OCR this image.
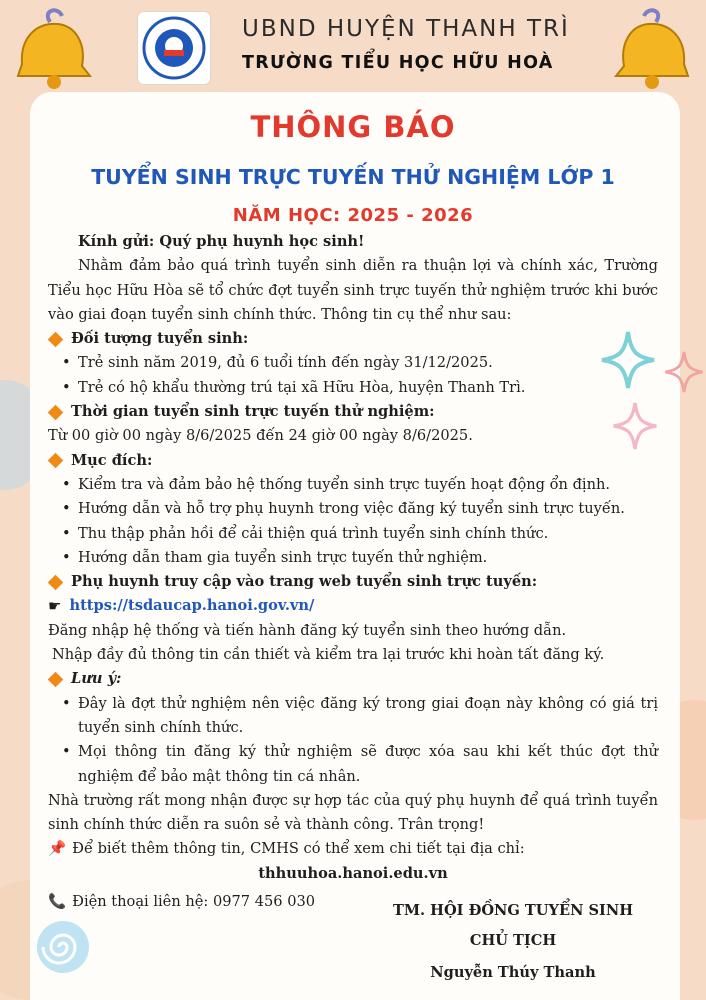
UBND HUYỆN THANH TRÌ
TRƯỜNG TIỂU HỌC HỮU HOÀ
THÔNG BÁO
TUYỂN SINH TRỰC TUYẾN THỬ NGHIỆM LỚP 1
NĂM HỌC: 2025 - 2026

Kính gửi: Quý phụ huynh học sinh!

Nhằm đảm bảo quá trình tuyển sinh diễn ra thuận lợi và chính xác, Trường Tiểu học Hữu Hòa sẽ tổ chức đợt tuyển sinh trực tuyến thử nghiệm trước khi bước vào giai đoạn tuyển sinh chính thức. Thông tin cụ thể như sau:

Đối tượng tuyển sinh:
• Trẻ sinh năm 2019, đủ 6 tuổi tính đến ngày 31/12/2025.
• Trẻ có hộ khẩu thường trú tại xã Hữu Hòa, huyện Thanh Trì.
Thời gian tuyển sinh trực tuyến thử nghiệm:

Từ 00 giờ 00 ngày 8/6/2025 đến 24 giờ 00 ngày 8/6/2025.

Mục đích:
• Kiểm tra và đảm bảo hệ thống tuyển sinh trực tuyến hoạt động ổn định.
• Hướng dẫn và hỗ trợ phụ huynh trong việc đăng ký tuyển sinh trực tuyến.
• Thu thập phản hồi để cải thiện quá trình tuyển sinh chính thức.
• Hướng dẫn tham gia tuyển sinh trực tuyến thử nghiệm.
Phụ huynh truy cập vào trang web tuyển sinh trực tuyến:
☛ https://tsdaucap.hanoi.gov.vn/

Đăng nhập hệ thống và tiến hành đăng ký tuyển sinh theo hướng dẫn.

Nhập đầy đủ thông tin cần thiết và kiểm tra lại trước khi hoàn tất đăng ký.

Lưu ý:
• Đây là đợt thử nghiệm nên việc đăng ký trong giai đoạn này không có giá trị tuyển sinh chính thức.
• Mọi thông tin đăng ký thử nghiệm sẽ được xóa sau khi kết thúc đợt thử nghiệm để bảo mật thông tin cá nhân.

Nhà trường rất mong nhận được sự hợp tác của quý phụ huynh để quá trình tuyển sinh chính thức diễn ra suôn sẻ và thành công. Trân trọng!

📌 Để biết thêm thông tin, CMHS có thể xem chi tiết tại địa chỉ:

thhuuhoa.hanoi.edu.vn

📞 Điện thoại liên hệ: 0977 456 030
TM. HỘI ĐỒNG TUYỂN SINH
CHỦ TỊCH
Nguyễn Thúy Thanh
